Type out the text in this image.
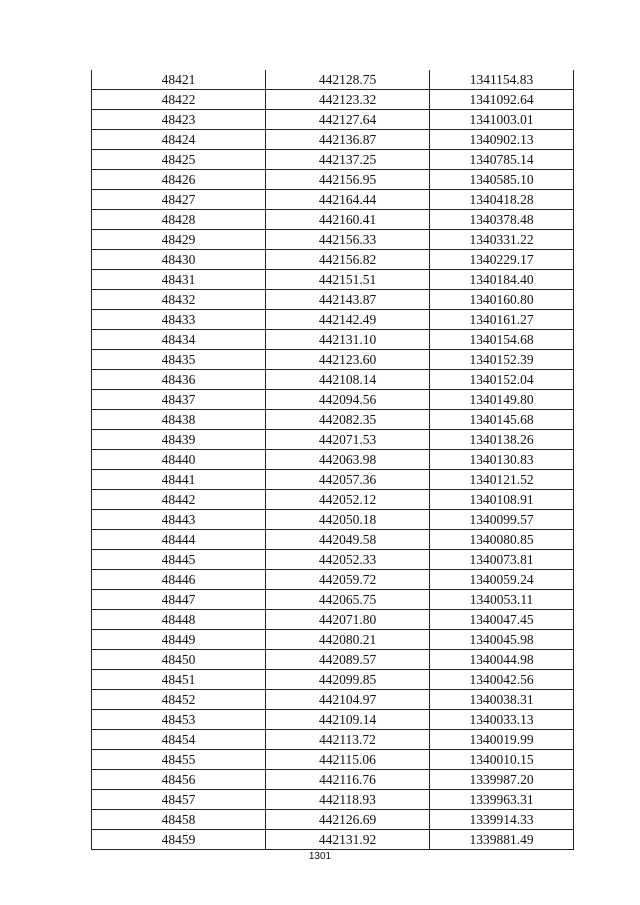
48421	442128.75	1341154.83
48422	442123.32	1341092.64
48423	442127.64	1341003.01
48424	442136.87	1340902.13
48425	442137.25	1340785.14
48426	442156.95	1340585.10
48427	442164.44	1340418.28
48428	442160.41	1340378.48
48429	442156.33	1340331.22
48430	442156.82	1340229.17
48431	442151.51	1340184.40
48432	442143.87	1340160.80
48433	442142.49	1340161.27
48434	442131.10	1340154.68
48435	442123.60	1340152.39
48436	442108.14	1340152.04
48437	442094.56	1340149.80
48438	442082.35	1340145.68
48439	442071.53	1340138.26
48440	442063.98	1340130.83
48441	442057.36	1340121.52
48442	442052.12	1340108.91
48443	442050.18	1340099.57
48444	442049.58	1340080.85
48445	442052.33	1340073.81
48446	442059.72	1340059.24
48447	442065.75	1340053.11
48448	442071.80	1340047.45
48449	442080.21	1340045.98
48450	442089.57	1340044.98
48451	442099.85	1340042.56
48452	442104.97	1340038.31
48453	442109.14	1340033.13
48454	442113.72	1340019.99
48455	442115.06	1340010.15
48456	442116.76	1339987.20
48457	442118.93	1339963.31
48458	442126.69	1339914.33
48459	442131.92	1339881.49
1301
